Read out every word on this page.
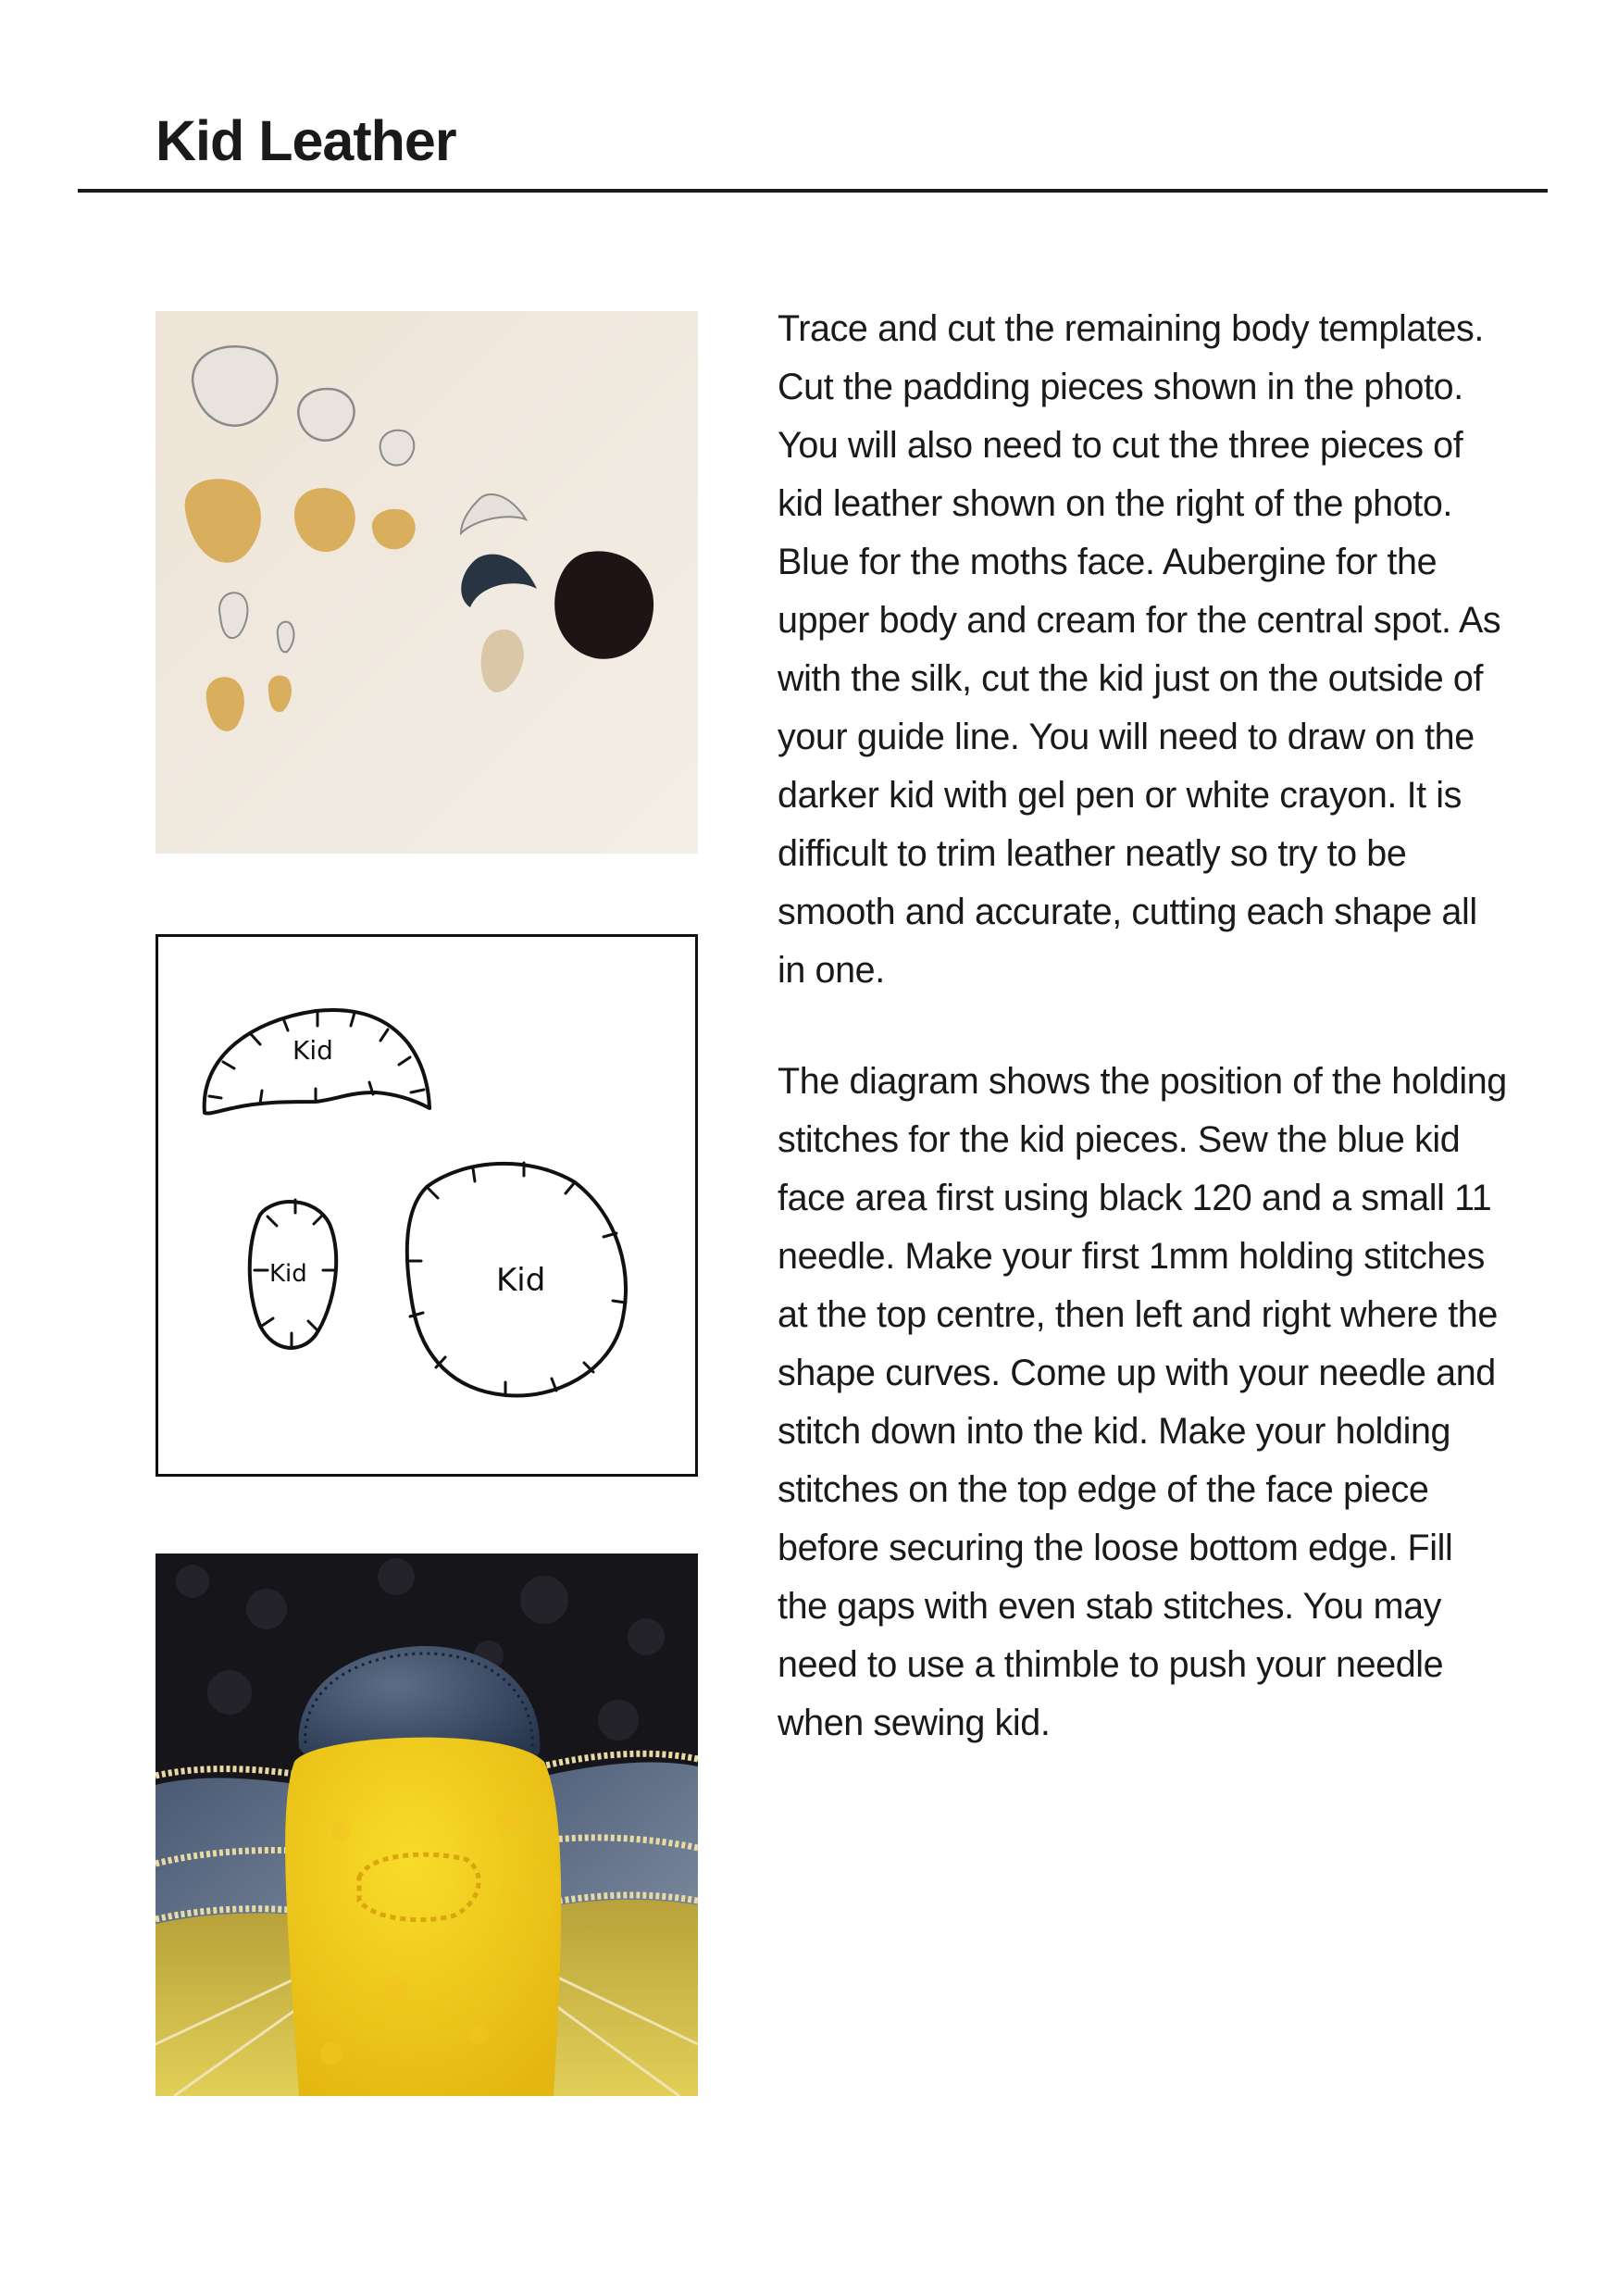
Kid Leather
Kid
Kid	Kid

Trace and cut the remaining body templates. Cut the padding pieces shown in the photo. You will also need to cut the three pieces of kid leather shown on the right of the photo. Blue for the moths face. Aubergine for the upper body and cream for the central spot. As with the silk, cut the kid just on the outside of your guide line. You will need to draw on the darker kid with gel pen or white crayon. It is difficult to trim leather neatly so try to be smooth and accurate, cutting each shape all in one.

The diagram shows the position of the holding stitches for the kid pieces. Sew the blue kid face area first using black 120 and a small 11 needle. Make your first 1mm holding stitches at the top centre, then left and right where the shape curves. Come up with your needle and stitch down into the kid. Make your holding stitches on the top edge of the face piece before securing the loose bottom edge. Fill the gaps with even stab stitches. You may need to use a thimble to push your needle when sewing kid.
